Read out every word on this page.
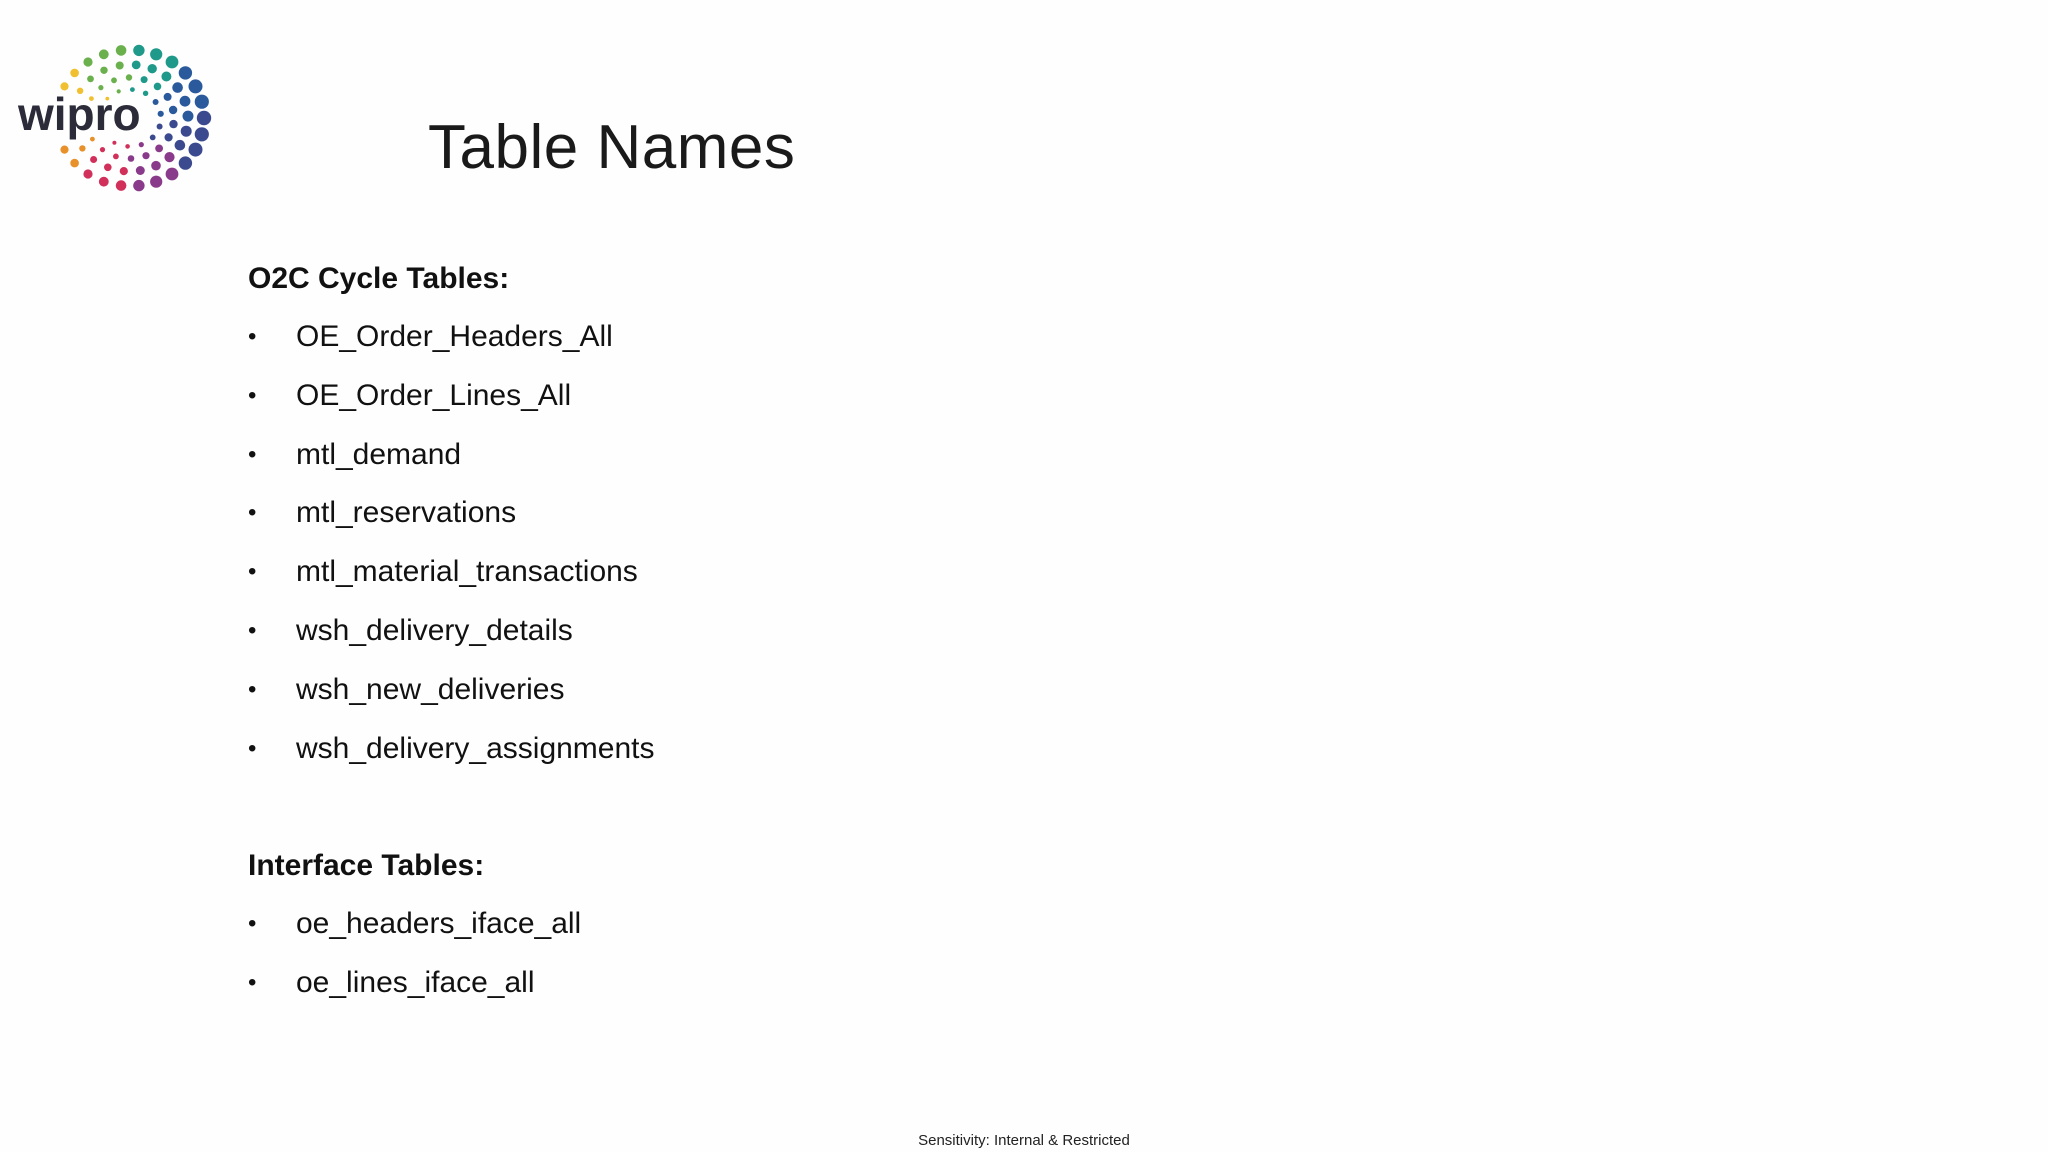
wipro	Table Names
O2C Cycle Tables:
• OE_Order_Headers_All
• OE_Order_Lines_All
• mtl_demand
• mtl_reservations
• mtl_material_transactions
• wsh_delivery_details
• wsh_new_deliveries
• wsh_delivery_assignments
Interface Tables:
• oe_headers_iface_all
• oe_lines_iface_all
Sensitivity: Internal & Restricted
